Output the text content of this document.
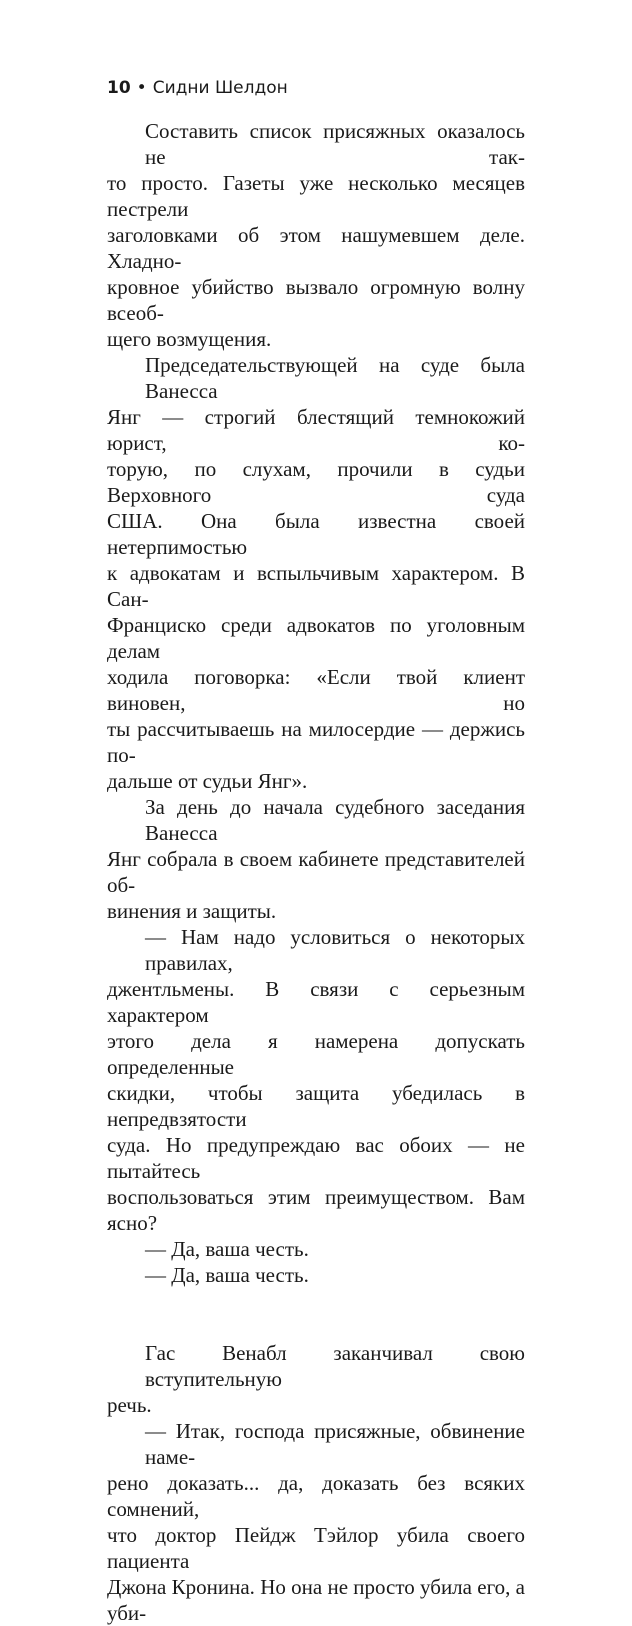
10 • Сидни Шелдон
Составить список присяжных оказалось не так-
то просто. Газеты уже несколько месяцев пестрели
заголовками об этом нашумевшем деле. Хладно-
кровное убийство вызвало огромную волну всеоб-
щего возмущения.
Председательствующей на суде была Ванесса
Янг — строгий блестящий темнокожий юрист, ко-
торую, по слухам, прочили в судьи Верховного суда
США. Она была известна своей нетерпимостью
к адвокатам и вспыльчивым характером. В Сан-
Франциско среди адвокатов по уголовным делам
ходила поговорка: «Если твой клиент виновен, но
ты рассчитываешь на милосердие — держись по-
дальше от судьи Янг».
За день до начала судебного заседания Ванесса
Янг собрала в своем кабинете представителей об-
винения и защиты.
— Нам надо условиться о некоторых правилах,
джентльмены. В связи с серьезным характером
этого дела я намерена допускать определенные
скидки, чтобы защита убедилась в непредвзятости
суда. Но предупреждаю вас обоих — не пытайтесь
воспользоваться этим преимуществом. Вам ясно?
— Да, ваша честь.
— Да, ваша честь.
Гас Венабл заканчивал свою вступительную
речь.
— Итак, господа присяжные, обвинение наме-
рено доказать... да, доказать без всяких сомнений,
что доктор Пейдж Тэйлор убила своего пациента
Джона Кронина. Но она не просто убила его, а уби-
